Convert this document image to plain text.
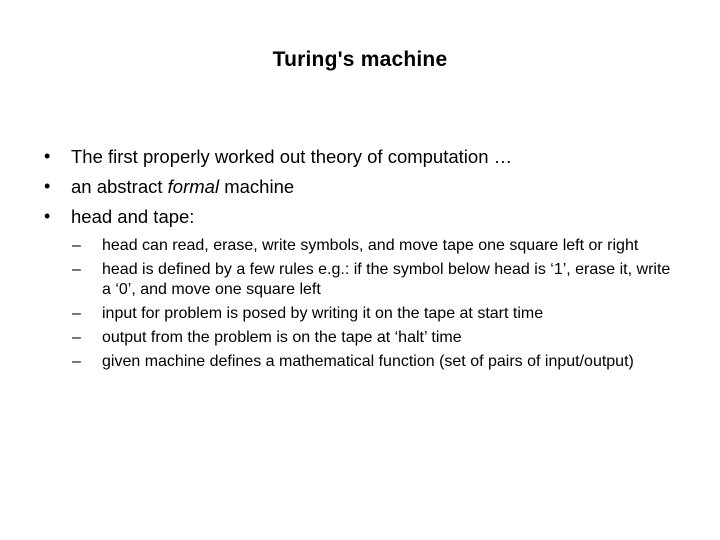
Turing's machine
• The first properly worked out theory of computation …
• an abstract formal machine
• head and tape:
– head can read, erase, write symbols, and move tape one square left or right
– head is defined by a few rules e.g.: if the symbol below head is ‘1’, erase it, write a ‘0’, and move one square left
– input for problem is posed by writing it on the tape at start time
– output from the problem is on the tape at ‘halt’ time
– given machine defines a mathematical function (set of pairs of input/output)
